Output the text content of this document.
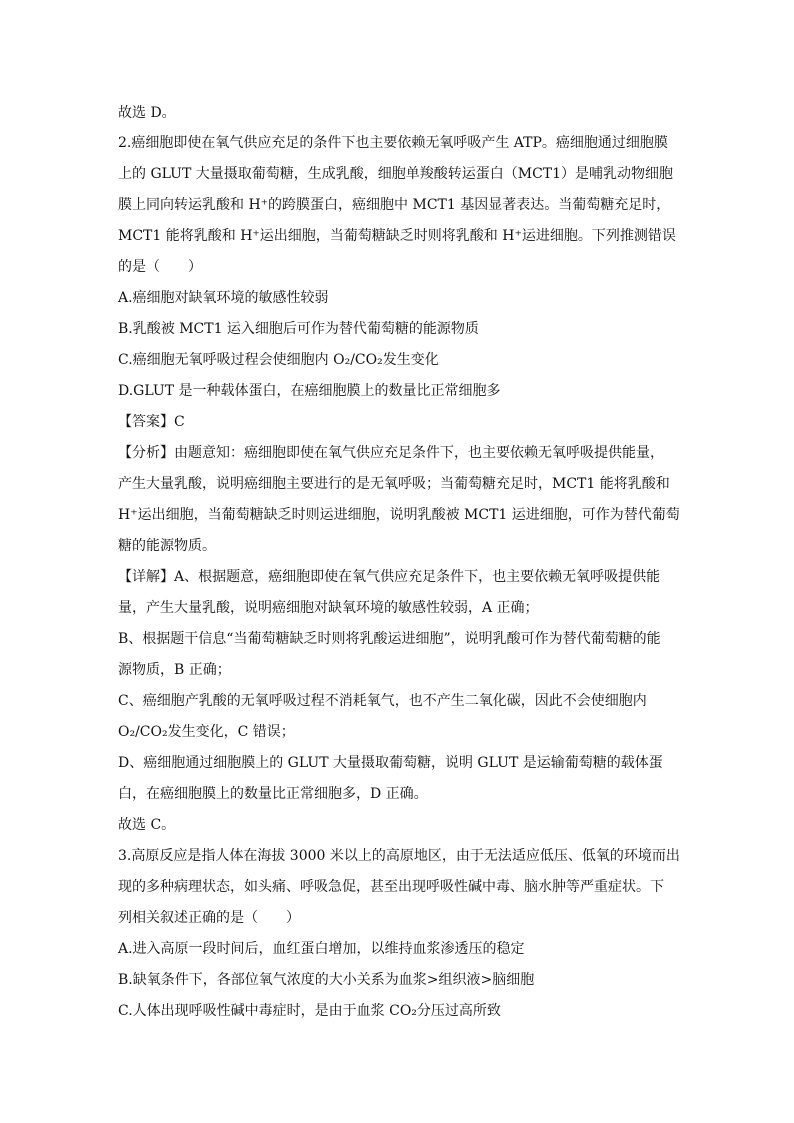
故选 D。
2.癌细胞即使在氧气供应充足的条件下也主要依赖无氧呼吸产生 ATP。癌细胞通过细胞膜
上的 GLUT 大量摄取葡萄糖，生成乳酸，细胞单羧酸转运蛋白（MCT1）是哺乳动物细胞
膜上同向转运乳酸和 H⁺的跨膜蛋白，癌细胞中 MCT1 基因显著表达。当葡萄糖充足时，
MCT1 能将乳酸和 H⁺运出细胞，当葡萄糖缺乏时则将乳酸和 H⁺运进细胞。下列推测错误
的是（　　）
A.癌细胞对缺氧环境的敏感性较弱
B.乳酸被 MCT1 运入细胞后可作为替代葡萄糖的能源物质
C.癌细胞无氧呼吸过程会使细胞内 O₂/CO₂发生变化
D.GLUT 是一种载体蛋白，在癌细胞膜上的数量比正常细胞多
【答案】C
【分析】由题意知：癌细胞即使在氧气供应充足条件下，也主要依赖无氧呼吸提供能量，
产生大量乳酸，说明癌细胞主要进行的是无氧呼吸；当葡萄糖充足时，MCT1 能将乳酸和
H⁺运出细胞，当葡萄糖缺乏时则运进细胞，说明乳酸被 MCT1 运进细胞，可作为替代葡萄
糖的能源物质。
【详解】A、根据题意，癌细胞即使在氧气供应充足条件下，也主要依赖无氧呼吸提供能
量，产生大量乳酸，说明癌细胞对缺氧环境的敏感性较弱，A 正确；
B、根据题干信息“当葡萄糖缺乏时则将乳酸运进细胞”，说明乳酸可作为替代葡萄糖的能
源物质，B 正确；
C、癌细胞产乳酸的无氧呼吸过程不消耗氧气，也不产生二氧化碳，因此不会使细胞内
O₂/CO₂发生变化，C 错误；
D、癌细胞通过细胞膜上的 GLUT 大量摄取葡萄糖，说明 GLUT 是运输葡萄糖的载体蛋
白，在癌细胞膜上的数量比正常细胞多，D 正确。
故选 C。
3.高原反应是指人体在海拔 3000 米以上的高原地区，由于无法适应低压、低氧的环境而出
现的多种病理状态，如头痛、呼吸急促，甚至出现呼吸性碱中毒、脑水肿等严重症状。下
列相关叙述正确的是（　　）
A.进入高原一段时间后，血红蛋白增加，以维持血浆渗透压的稳定
B.缺氧条件下，各部位氧气浓度的大小关系为血浆>组织液>脑细胞
C.人体出现呼吸性碱中毒症时，是由于血浆 CO₂分压过高所致
